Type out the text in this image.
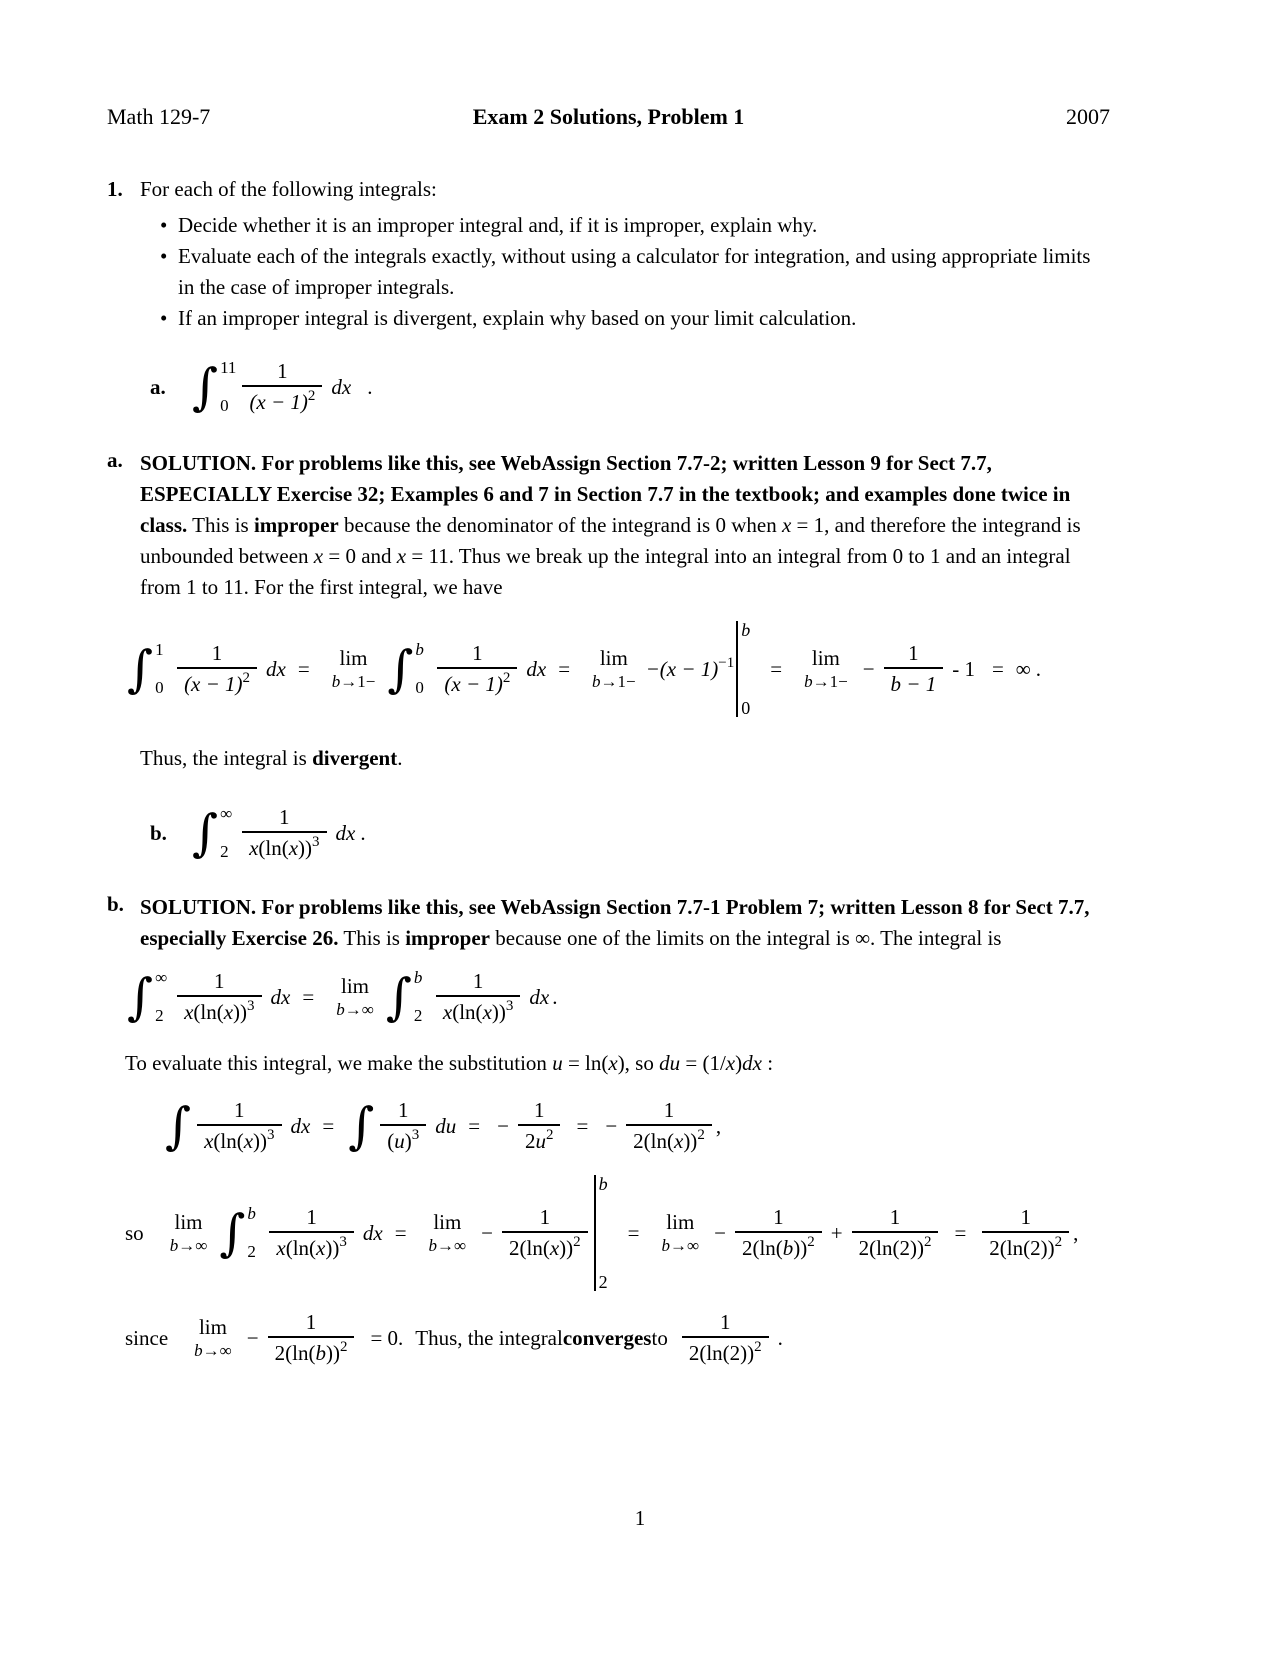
Math 129-7	Exam 2 Solutions, Problem 1	2007
1. For each of the following integrals:
• Decide whether it is an improper integral and, if it is improper, explain why.
• Evaluate each of the integrals exactly, without using a calculator for integration, and using appropriate limits in the case of improper integrals.
• If an improper integral is divergent, explain why based on your limit calculation.
a. ∫ 11
$0 \frac{1}{(x - 1)^2}$ dx .
a. SOLUTION. For problems like this, see WebAssign Section 7.7-2; written Lesson 9 for Sect 7.7, ESPECIALLY Exercise 32; Examples 6 and 7 in Section 7.7 in the textbook; and examples done twice in class. This is improper because the denominator of the integrand is 0 when x = 1, and therefore the integrand is unbounded between x = 0 and x = 11. Thus we break up the integral into an integral from 0 to 1 and an integral from 1 to 11. For the first integral, we have
∫ 1
$0 \frac{1}{(x - 1)^2}$ dx = lim
b→1− ∫ b
$0 \frac{1}{(x - 1)^2}$ dx = lim
b→1−
$-(x - 1)^{-1}$
b
0
= lim
b→1−
− $\frac{1}{b - 1} - 1$ = ∞ .
Thus, the integral is divergent.
b. ∫ ∞
$2 \frac{1}{x(\ln(x))^3}$ dx .
b. SOLUTION. For problems like this, see WebAssign Section 7.7-1 Problem 7; written Lesson 8 for Sect 7.7, especially Exercise 26. This is improper because one of the limits on the integral is ∞. The integral is
∫ ∞
$2 \frac{1}{x(\ln(x))^3}$ dx = lim
b→∞ ∫ b
$2 \frac{1}{x(\ln(x))^3}$ dx .
To evaluate this integral, we make the substitution u = ln(x), so du = (1/x)dx :
∫ $\frac{1}{x(\ln(x))^3}$ dx = ∫ $\frac{1}{(u)^3}$ du = − $\frac{1}{2u^2}$ = − $\frac{1}{2(\ln(x))^2}$ ,
so lim
b→∞ ∫ b
$2 \frac{1}{x(\ln(x))^3}$ dx = lim
b→∞
− $\frac{1}{2(\ln(x))^2}$
b
2
= lim
b→∞
− $\frac{1}{2(\ln(b))^2} + \frac{1}{2(\ln(2))^2} = \frac{1}{2(\ln(2))^2}$ ,
since lim
b→∞
− $\frac{1}{2(\ln(b))^2} = 0$. Thus, the integral converges to $\frac{1}{2(\ln(2))^2}$ .
1
